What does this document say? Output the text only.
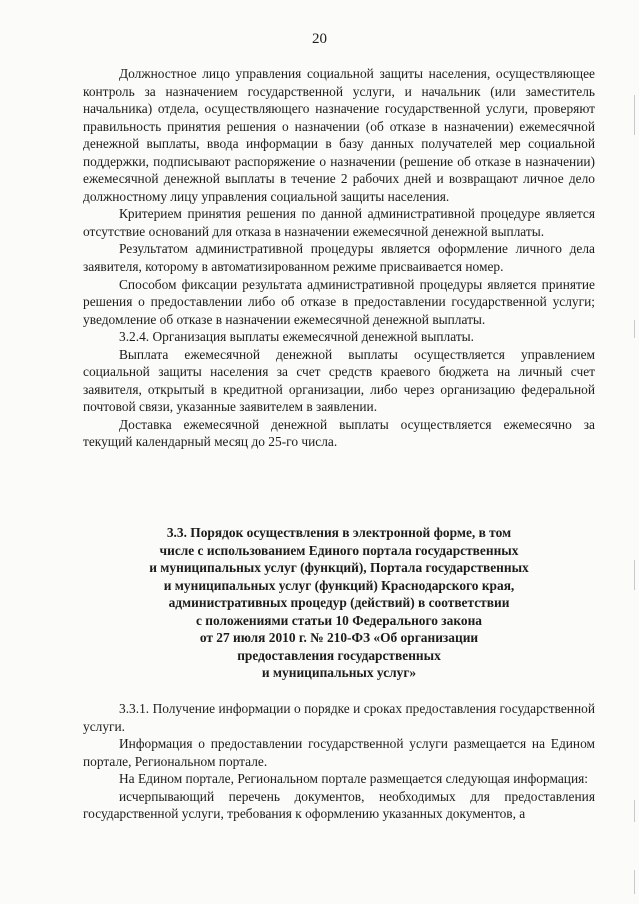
20

Должностное лицо управления социальной защиты населения, осуществляющее контроль за назначением государственной услуги, и начальник (или заместитель начальника) отдела, осуществляющего назначение государственной услуги, проверяют правильность принятия решения о назначении (об отказе в назначении) ежемесячной денежной выплаты, ввода информации в базу данных получателей мер социальной поддержки, подписывают распоряжение о назначении (решение об отказе в назначении) ежемесячной денежной выплаты в течение 2 рабочих дней и возвращают личное дело должностному лицу управления социальной защиты населения.

Критерием принятия решения по данной административной процедуре является отсутствие оснований для отказа в назначении ежемесячной денежной выплаты.

Результатом административной процедуры является оформление личного дела заявителя, которому в автоматизированном режиме присваивается номер.

Способом фиксации результата административной процедуры является принятие решения о предоставлении либо об отказе в предоставлении государственной услуги; уведомление об отказе в назначении ежемесячной денежной выплаты.

3.2.4. Организация выплаты ежемесячной денежной выплаты.

Выплата ежемесячной денежной выплаты осуществляется управлением социальной защиты населения за счет средств краевого бюджета на личный счет заявителя, открытый в кредитной организации, либо через организацию федеральной почтовой связи, указанные заявителем в заявлении.

Доставка ежемесячной денежной выплаты осуществляется ежемесячно за текущий календарный месяц до 25-го числа.

3.3. Порядок осуществления в электронной форме, в том
числе с использованием Единого портала государственных
и муниципальных услуг (функций), Портала государственных
и муниципальных услуг (функций) Краснодарского края,
административных процедур (действий) в соответствии
с положениями статьи 10 Федерального закона
от 27 июля 2010 г. № 210-ФЗ «Об организации
предоставления государственных
и муниципальных услуг»

3.3.1. Получение информации о порядке и сроках предоставления государственной услуги.

Информация о предоставлении государственной услуги размещается на Едином портале, Региональном портале.

На Едином портале, Региональном портале размещается следующая информация:

исчерпывающий перечень документов, необходимых для предоставления государственной услуги, требования к оформлению указанных документов, а
